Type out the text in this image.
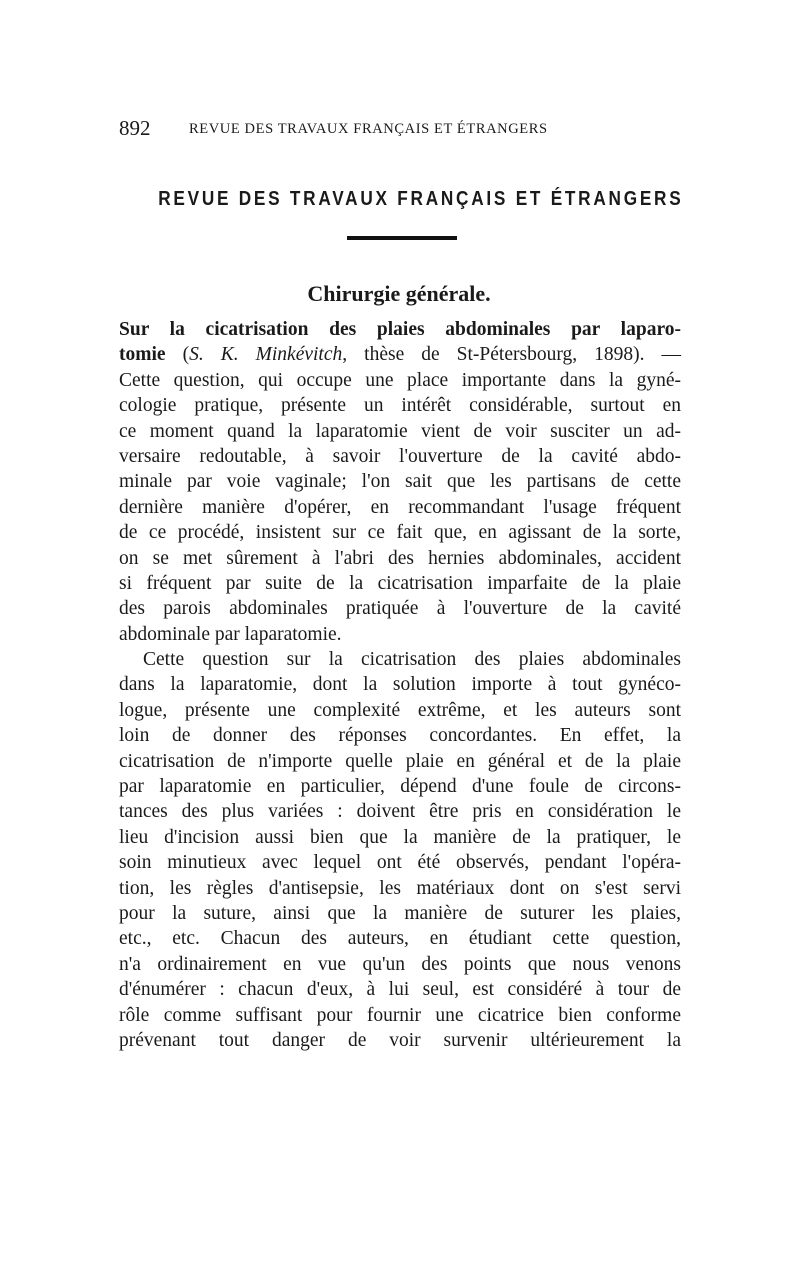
892	REVUE DES TRAVAUX FRANÇAIS ET ÉTRANGERS
REVUE DES TRAVAUX FRANÇAIS ET ÉTRANGERS
Chirurgie générale.
Sur la cicatrisation des plaies abdominales par laparo-
tomie (S. K. Minkévitch, thèse de St-Pétersbourg, 1898). —
Cette question, qui occupe une place importante dans la gyné-
cologie pratique, présente un intérêt considérable, surtout en
ce moment quand la laparatomie vient de voir susciter un ad-
versaire redoutable, à savoir l'ouverture de la cavité abdo-
minale par voie vaginale; l'on sait que les partisans de cette
dernière manière d'opérer, en recommandant l'usage fréquent
de ce procédé, insistent sur ce fait que, en agissant de la sorte,
on se met sûrement à l'abri des hernies abdominales, accident
si fréquent par suite de la cicatrisation imparfaite de la plaie
des parois abdominales pratiquée à l'ouverture de la cavité
abdominale par laparatomie.
Cette question sur la cicatrisation des plaies abdominales
dans la laparatomie, dont la solution importe à tout gynéco-
logue, présente une complexité extrême, et les auteurs sont
loin de donner des réponses concordantes. En effet, la
cicatrisation de n'importe quelle plaie en général et de la plaie
par laparatomie en particulier, dépend d'une foule de circons-
tances des plus variées : doivent être pris en considération le
lieu d'incision aussi bien que la manière de la pratiquer, le
soin minutieux avec lequel ont été observés, pendant l'opéra-
tion, les règles d'antisepsie, les matériaux dont on s'est servi
pour la suture, ainsi que la manière de suturer les plaies,
etc., etc. Chacun des auteurs, en étudiant cette question,
n'a ordinairement en vue qu'un des points que nous venons
d'énumérer : chacun d'eux, à lui seul, est considéré à tour de
rôle comme suffisant pour fournir une cicatrice bien conforme
prévenant tout danger de voir survenir ultérieurement la
